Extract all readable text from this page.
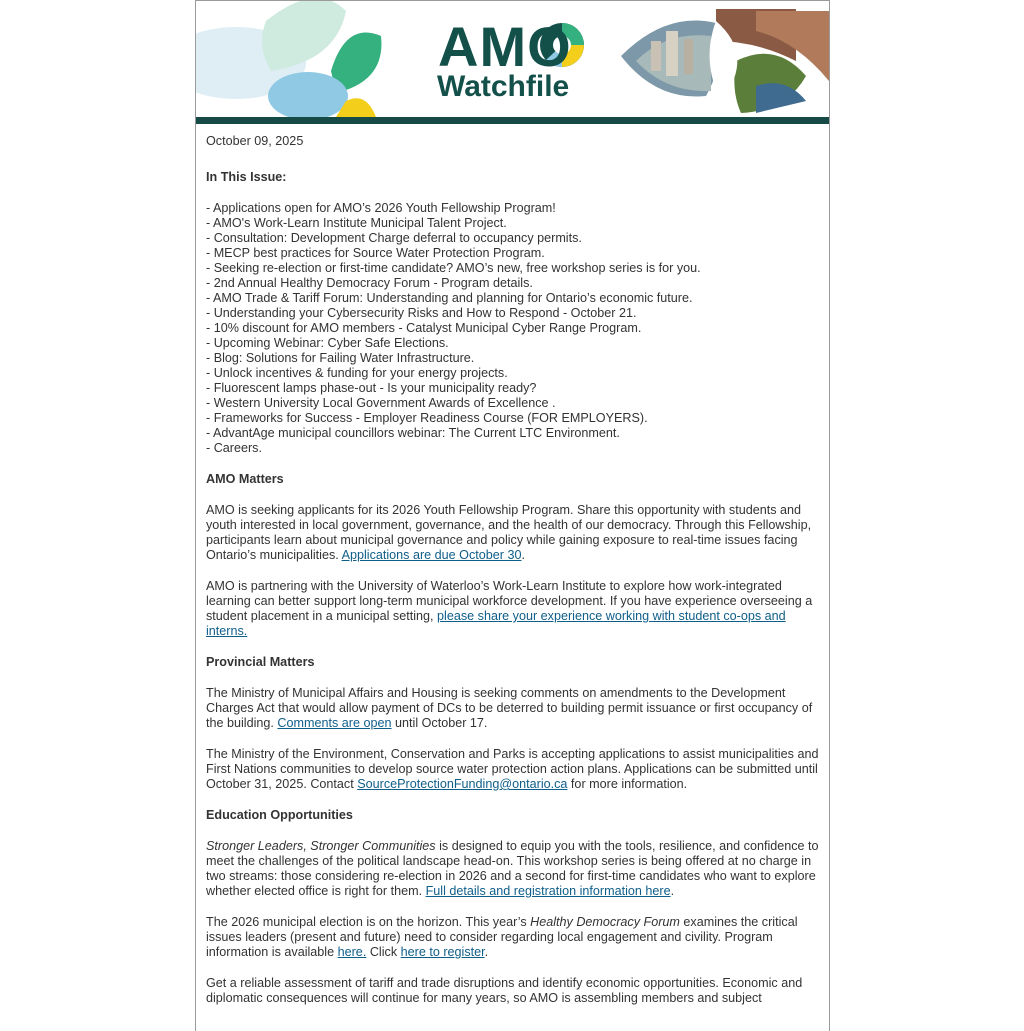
AMO
Watchfile
October 09, 2025
In This Issue:
- Applications open for AMO’s 2026 Youth Fellowship Program!
- AMO's Work-Learn Institute Municipal Talent Project.
- Consultation: Development Charge deferral to occupancy permits.
- MECP best practices for Source Water Protection Program.
- Seeking re-election or first-time candidate? AMO’s new, free workshop series is for you.
- 2nd Annual Healthy Democracy Forum - Program details.
- AMO Trade & Tariff Forum: Understanding and planning for Ontario’s economic future.
- Understanding your Cybersecurity Risks and How to Respond - October 21.
- 10% discount for AMO members - Catalyst Municipal Cyber Range Program.
- Upcoming Webinar: Cyber Safe Elections.
- Blog: Solutions for Failing Water Infrastructure.
- Unlock incentives & funding for your energy projects.
- Fluorescent lamps phase-out - Is your municipality ready?
- Western University Local Government Awards of Excellence .
- Frameworks for Success - Employer Readiness Course (FOR EMPLOYERS).
- AdvantAge municipal councillors webinar: The Current LTC Environment.
- Careers.
AMO Matters

AMO is seeking applicants for its 2026 Youth Fellowship Program. Share this opportunity with students and youth interested in local government, governance, and the health of our democracy. Through this Fellowship, participants learn about municipal governance and policy while gaining exposure to real-time issues facing Ontario’s municipalities. Applications are due October 30.

AMO is partnering with the University of Waterloo’s Work-Learn Institute to explore how work-integrated learning can better support long-term municipal workforce development. If you have experience overseeing a student placement in a municipal setting, please share your experience working with student co-ops and interns.

Provincial Matters

The Ministry of Municipal Affairs and Housing is seeking comments on amendments to the Development Charges Act that would allow payment of DCs to be deterred to building permit issuance or first occupancy of the building. Comments are open until October 17.

The Ministry of the Environment, Conservation and Parks is accepting applications to assist municipalities and First Nations communities to develop source water protection action plans. Applications can be submitted until October 31, 2025. Contact SourceProtectionFunding@ontario.ca for more information.

Education Opportunities

Stronger Leaders, Stronger Communities is designed to equip you with the tools, resilience, and confidence to meet the challenges of the political landscape head-on. This workshop series is being offered at no charge in two streams: those considering re-election in 2026 and a second for first-time candidates who want to explore whether elected office is right for them. Full details and registration information here.

The 2026 municipal election is on the horizon. This year’s Healthy Democracy Forum examines the critical issues leaders (present and future) need to consider regarding local engagement and civility. Program information is available here. Click here to register.

Get a reliable assessment of tariff and trade disruptions and identify economic opportunities. Economic and diplomatic consequences will continue for many years, so AMO is assembling members and subject
